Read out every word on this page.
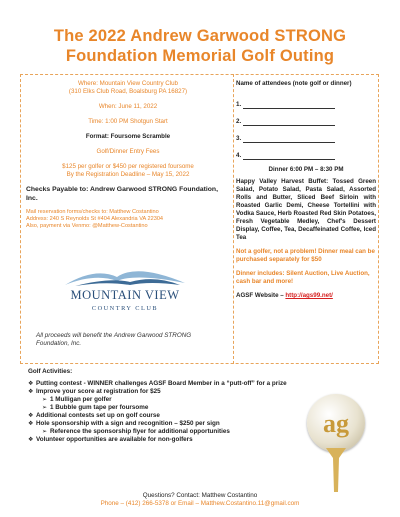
The 2022 Andrew Garwood STRONG
Foundation Memorial Golf Outing
Where: Mountain View Country Club
(310 Elks Club Road, Boalsburg PA 16827)
When: June 11, 2022
Time: 1:00 PM Shotgun Start
Format: Foursome Scramble
Golf/Dinner Entry Fees
$125 per golfer or $450 per registered foursome
By the Registration Deadline – May 15, 2022
Checks Payable to: Andrew Garwood STRONG Foundation, Inc.
Mail reservation forms/checks to: Matthew Costantino
Address: 240 S Reynolds St #404 Alexandria VA 22304
Also, payment via Venmo: @Matthew-Costantino
MOUNTAIN VIEW
COUNTRY CLUB
All proceeds will benefit the Andrew Garwood STRONG Foundation, Inc.
Name of attendees (note golf or dinner)
1.
2.
3.
4.
Dinner 6:00 PM – 8:30 PM
Happy Valley Harvest Buffet: Tossed Green Salad, Potato Salad, Pasta Salad, Assorted Rolls and Butter, Sliced Beef Sirloin with Roasted Garlic Demi, Cheese Tortellini with Vodka Sauce, Herb Roasted Red Skin Potatoes, Fresh Vegetable Medley, Chef's Dessert Display, Coffee, Tea, Decaffeinated Coffee, Iced Tea
Not a golfer, not a problem! Dinner meal can be purchased separately for $50
Dinner includes: Silent Auction, Live Auction, cash bar and more!
AGSF Website – http://ags99.net/
Golf Activities:
❖ Putting contest - WINNER challenges AGSF Board Member in a “putt-off” for a prize
❖ Improve your score at registration for $25
➢ 1 Mulligan per golfer
➢ 1 Bubble gum tape per foursome
❖ Additional contests set up on golf course
❖ Hole sponsorship with a sign and recognition – $250 per sign
➢ Reference the sponsorship flyer for additional opportunities
❖ Volunteer opportunities are available for non-golfers
ag
Questions? Contact: Matthew Costantino
Phone – (412) 266-5378 or Email – Matthew.Costantino.11@gmail.com
